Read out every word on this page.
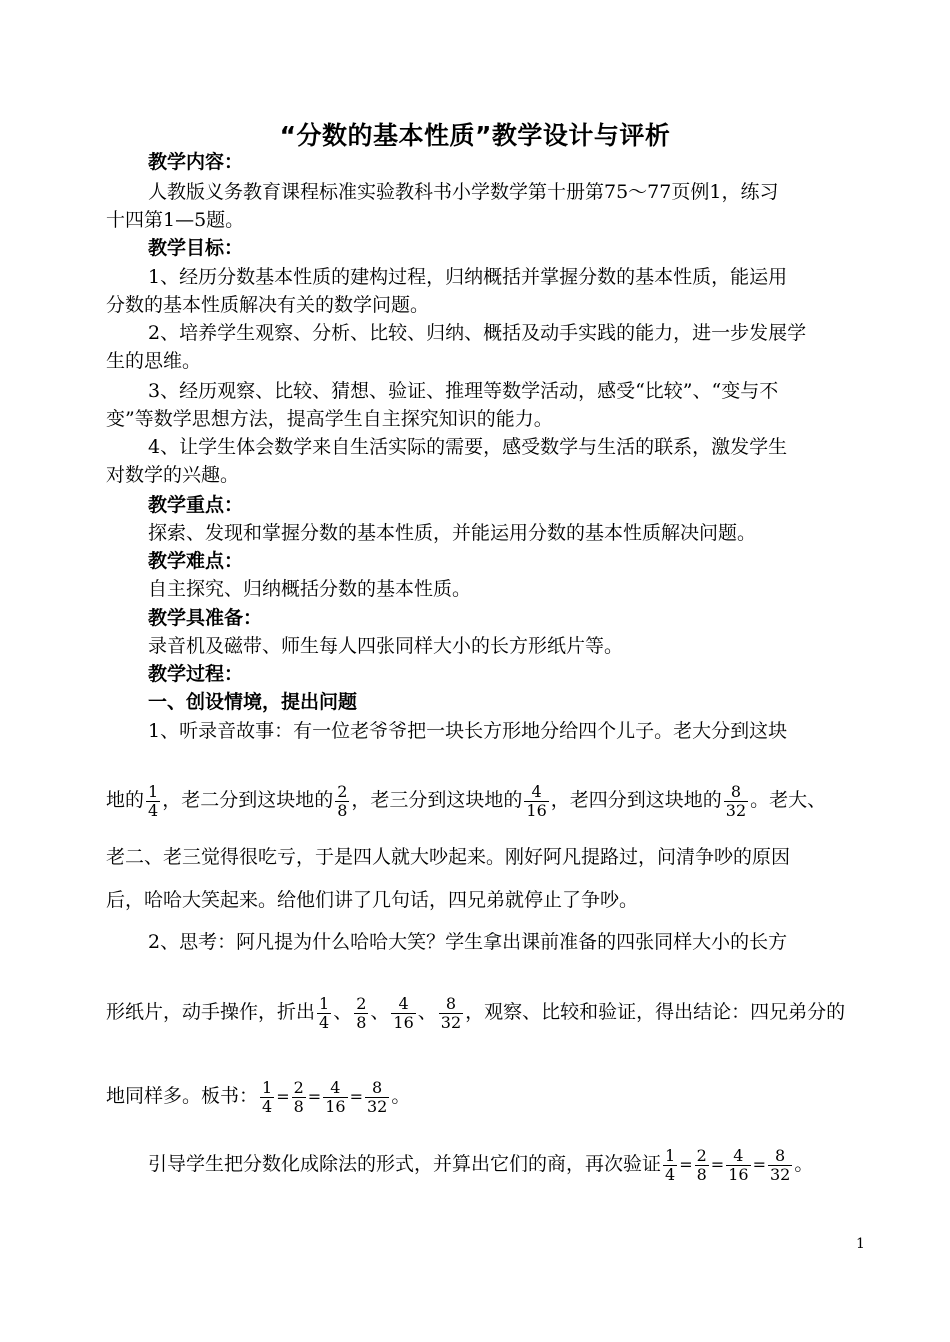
“分数的基本性质”教学设计与评析
教学内容：
人教版义务教育课程标准实验教科书小学数学第十册第75～77页例1，练习
十四第1—5题。
教学目标：
1、经历分数基本性质的建构过程，归纳概括并掌握分数的基本性质，能运用
分数的基本性质解决有关的数学问题。
2、培养学生观察、分析、比较、归纳、概括及动手实践的能力，进一步发展学
生的思维。
3、经历观察、比较、猜想、验证、推理等数学活动，感受“比较”、“变与不
变”等数学思想方法，提高学生自主探究知识的能力。
4、让学生体会数学来自生活实际的需要，感受数学与生活的联系，激发学生
对数学的兴趣。
教学重点：
探索、发现和掌握分数的基本性质，并能运用分数的基本性质解决问题。
教学难点：
自主探究、归纳概括分数的基本性质。
教学具准备：
录音机及磁带、师生每人四张同样大小的长方形纸片等。
教学过程：
一、创设情境，提出问题
1、听录音故事：有一位老爷爷把一块长方形地分给四个儿子。老大分到这块
地的 $\frac{1}{4}$ ，老二分到这块地的 $\frac{2}{8}$ ，老三分到这块地的 $\frac{4}{16}$ ，老四分到这块地的 $\frac{8}{32}$ 。老大、
老二、老三觉得很吃亏，于是四人就大吵起来。刚好阿凡提路过，问清争吵的原因
后，哈哈大笑起来。给他们讲了几句话，四兄弟就停止了争吵。
2、思考：阿凡提为什么哈哈大笑？学生拿出课前准备的四张同样大小的长方
形纸片，动手操作，折出 $\frac{1}{4}$ 、 $\frac{2}{8}$ 、 $\frac{4}{16}$ 、 $\frac{8}{32}$ ，观察、比较和验证，得出结论：四兄弟分的
地同样多。板书： $\frac{1}{4} = \frac{2}{8} = \frac{4}{16} = \frac{8}{32}$ 。
引导学生把分数化成除法的形式，并算出它们的商，再次验证 $\frac{1}{4} = \frac{2}{8} = \frac{4}{16} = \frac{8}{32}$ 。
1
